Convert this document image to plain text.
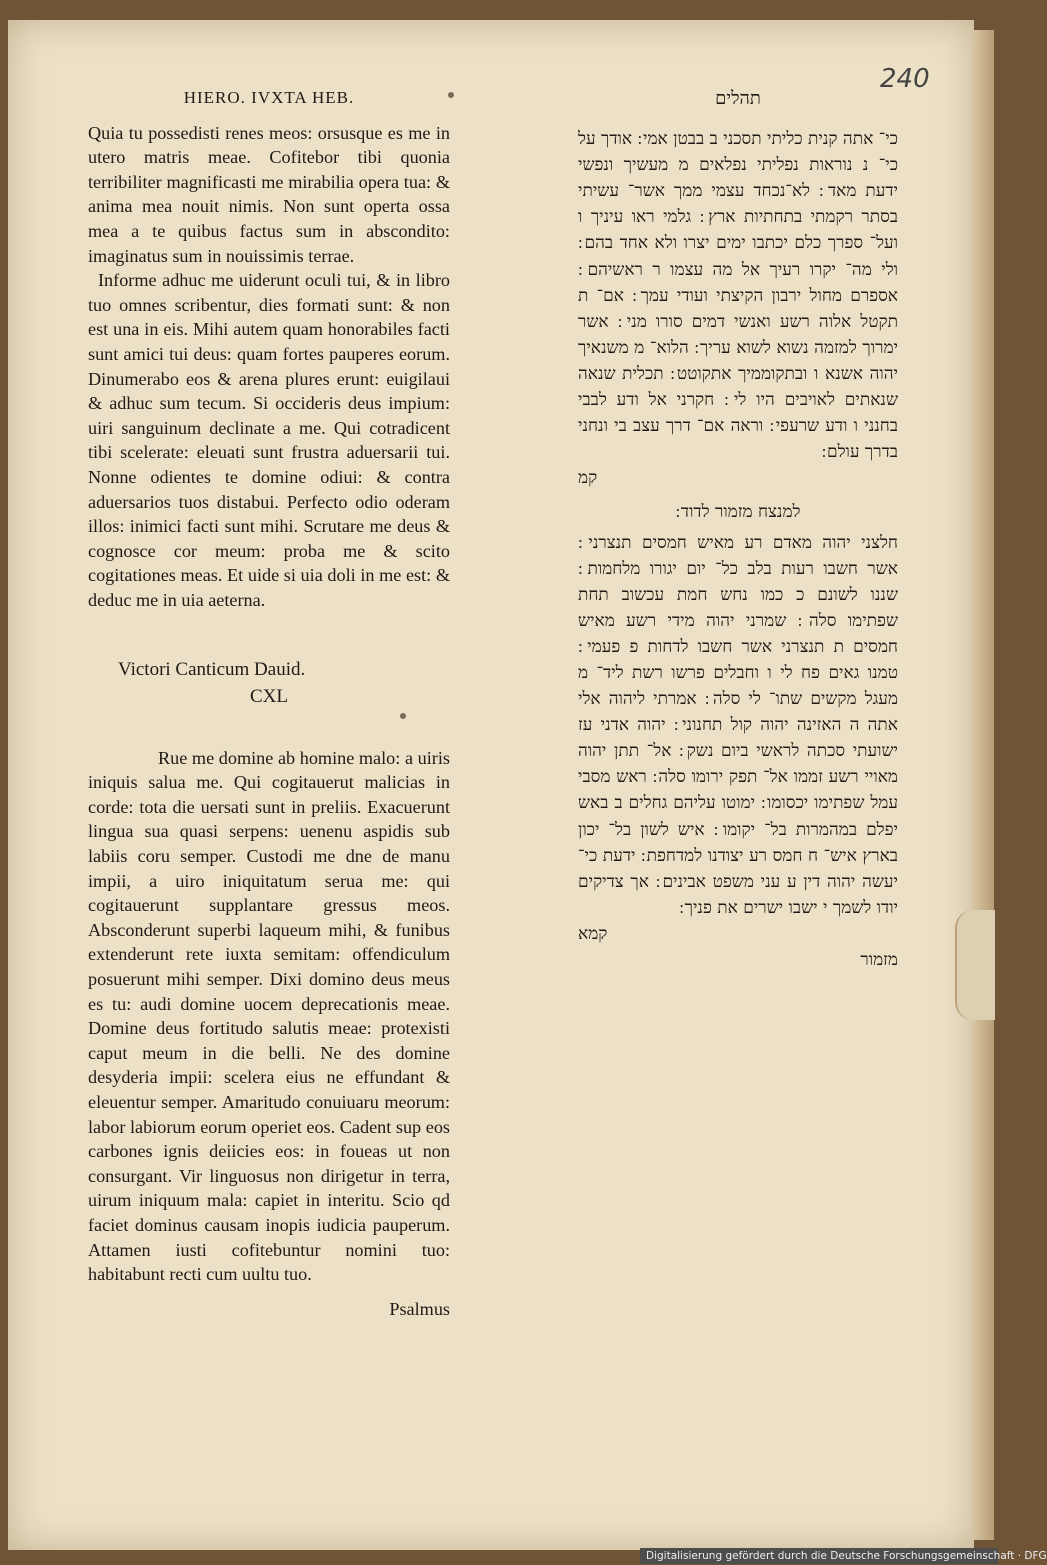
240
HIERO. IVXTA HEB.

Quia tu possedisti renes meos: orsusque es me in utero matris meae. Cofitebor tibi quonia terribiliter magnificasti me mirabilia opera tua: & anima mea nouit nimis. Non sunt operta ossa mea a te quibus factus sum in abscondito: imaginatus sum in nouissimis terrae.

Informe adhuc me uiderunt oculi tui, & in libro tuo omnes scribentur, dies formati sunt: & non est una in eis. Mihi autem quam honorabiles facti sunt amici tui deus: quam fortes pauperes eorum. Dinumerabo eos & arena plures erunt: euigilaui & adhuc sum tecum. Si occideris deus impium: uiri sanguinum declinate a me. Qui cotradicent tibi scelerate: eleuati sunt frustra aduersarii tui. Nonne odientes te domine odiui: & contra aduersarios tuos distabui. Perfecto odio oderam illos: inimici facti sunt mihi. Scrutare me deus & cognosce cor meum: proba me & scito cogitationes meas. Et uide si uia doli in me est: & deduc me in uia aeterna.

Victori Canticum Dauid.
CXL

Rue me domine ab homine malo: a uiris iniquis salua me. Qui cogitauerut malicias in corde: tota die uersati sunt in preliis. Exacuerunt lingua sua quasi serpens: uenenu aspidis sub labiis coru semper. Custodi me dne de manu impii, a uiro iniquitatum serua me: qui cogitauerunt supplantare gressus meos. Absconderunt superbi laqueum mihi, & funibus extenderunt rete iuxta semitam: offendiculum posuerunt mihi semper. Dixi domino deus meus es tu: audi domine uocem deprecationis meae. Domine deus fortitudo salutis meae: protexisti caput meum in die belli. Ne des domine desyderia impii: scelera eius ne effundant & eleuentur semper. Amaritudo conuiuaru meorum: labor labiorum eorum operiet eos. Cadent sup eos carbones ignis deiicies eos: in foueas ut non consurgant. Vir linguosus non dirigetur in terra, uirum iniquum mala: capiet in interitu. Scio qd faciet dominus causam inopis iudicia pauperum. Attamen iusti cofitebuntur nomini tuo: habitabunt recti cum uultu tuo.

Psalmus
תהלים

כי־ אתה קנית כליתי תסכני ב בבטן אמי ׃ אודך על כי־ נ נוראות נפליתי נפלאים מ מעשיך ונפשי ידעת מאד ׃ לא־נכחד עצמי ממך אשר־ עשיתי בסתר רקמתי בתחתיות ארץ ׃ גלמי ראו עיניך ו ועל־ ספרך כלם יכתבו ימים יצרו ולא אחד בהם ׃ ולי מה־ יקרו רעיך אל מה עצמו ר ראשיהם ׃ אספרם מחול ירבון הקיצתי ועודי עמך ׃ אם־ ת תקטל אלוה רשע ואנשי דמים סורו מני ׃ אשר ימרוך למזמה נשוא לשוא עריך ׃ הלוא־ מ משנאיך יהוה אשנא ו ובתקוממיך אתקוטט ׃ תכלית שנאה שנאתים לאויבים היו לי ׃ חקרני אל ודע לבבי בחנני ו ודע שרעפי ׃ וראה אם־ דרך עצב בי ונחני בדרך עולם ׃

קמ
למנצח מזמור לדוד ׃

חלצני יהוה מאדם רע מאיש חמסים תנצרני ׃ אשר חשבו רעות בלב כל־ יום יגורו מלחמות ׃ שננו לשונם כ כמו נחש חמת עכשוב תחת שפתימו סלה ׃ שמרני יהוה מידי רשע מאיש חמסים ת תנצרני אשר חשבו לדחות פ פעמי ׃ טמנו גאים פח לי ו וחבלים פרשו רשת ליד־ מ מעגל מקשים שתו־ לי סלה ׃ אמרתי ליהוה אלי אתה ה האזינה יהוה קול תחנוני ׃ יהוה אדני עז ישועתי סכתה לראשי ביום נשק ׃ אל־ תתן יהוה מאויי רשע זממו אל־ תפק ירומו סלה ׃ ראש מסבי עמל שפתימו יכסומו ׃ ימוטו עליהם גחלים ב באש יפלם במהמרות בל־ יקומו ׃ איש לשון בל־ יכון בארץ איש־ ח חמס רע יצודנו למדחפת ׃ ידעת כי־ יעשה יהוה דין ע עני משפט אבינים ׃ אך צדיקים יודו לשמך י ישבו ישרים את פניך ׃

קמא
מזמור
Digitalisierung gefördert durch die Deutsche Forschungsgemeinschaft · DFG
